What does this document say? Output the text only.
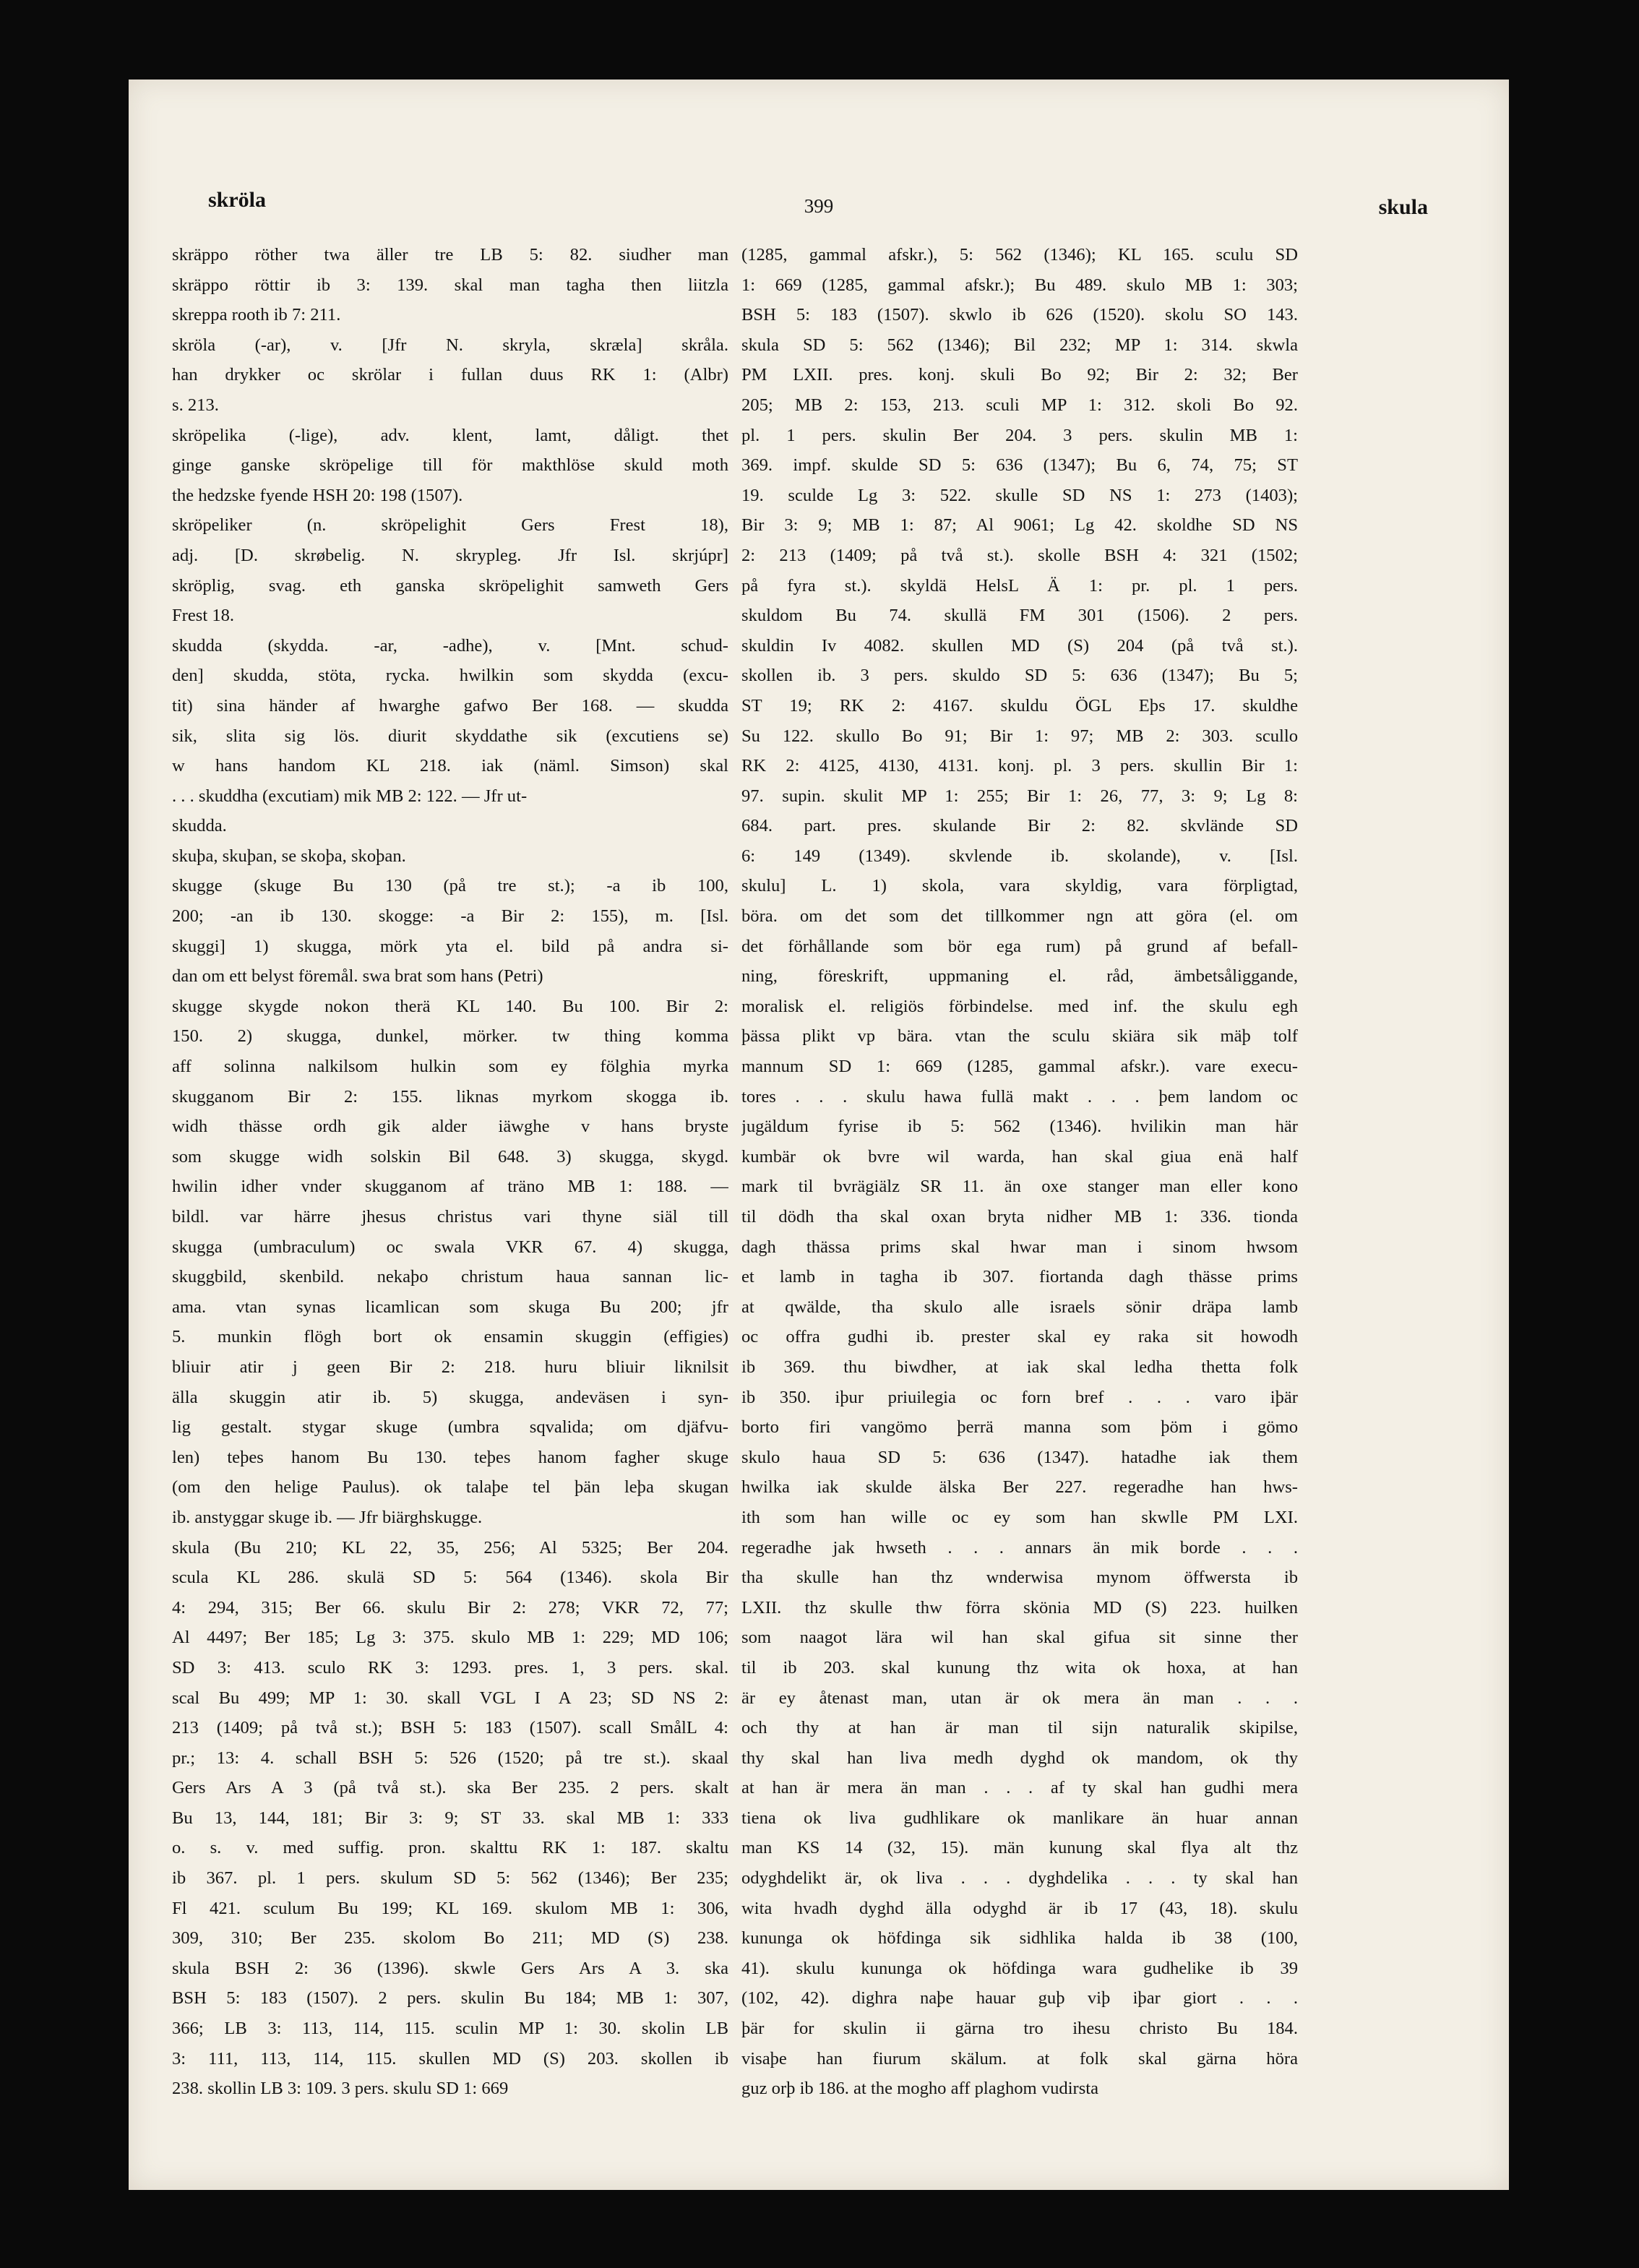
skröla	399	skula
skräppo röther twa äller tre LB 5: 82. siudher man
skräppo röttir ib 3: 139. skal man tagha then liitzla
skreppa rooth ib 7: 211.
skröla (-ar), v. [Jfr N. skryla, skræla] skråla.
han drykker oc skrölar i fullan duus RK 1: (Albr)
s. 213.
skröpelika (-lige), adv. klent, lamt, dåligt. thet
ginge ganske skröpelige till för makthlöse skuld moth
the hedzske fyende HSH 20: 198 (1507).
skröpeliker (n. skröpelighit Gers Frest 18),
adj. [D. skrøbelig. N. skrypleg. Jfr Isl. skrjúpr]
skröplig, svag. eth ganska skröpelighit samweth Gers
Frest 18.
skudda (skydda. -ar, -adhe), v. [Mnt. schud-
den] skudda, stöta, rycka. hwilkin som skydda (excu-
tit) sina händer af hwarghe gafwo Ber 168. — skudda
sik, slita sig lös. diurit skyddathe sik (excutiens se)
w hans handom KL 218. iak (näml. Simson) skal
. . . skuddha (excutiam) mik MB 2: 122. — Jfr ut-
skudda.
skuþa, skuþan, se skoþa, skoþan.
skugge (skuge Bu 130 (på tre st.); -a ib 100,
200; -an ib 130. skogge: -a Bir 2: 155), m. [Isl.
skuggi] 1) skugga, mörk yta el. bild på andra si-
dan om ett belyst föremål. swa brat som hans (Petri)
skugge skygde nokon therä KL 140. Bu 100. Bir 2:
150. 2) skugga, dunkel, mörker. tw thing komma
aff solinna nalkilsom hulkin som ey fölghia myrka
skugganom Bir 2: 155. liknas myrkom skogga ib.
widh thässe ordh gik alder iäwghe v hans bryste
som skugge widh solskin Bil 648. 3) skugga, skygd.
hwilin idher vnder skugganom af träno MB 1: 188. —
bildl. var härre jhesus christus vari thyne siäl till
skugga (umbraculum) oc swala VKR 67. 4) skugga,
skuggbild, skenbild. nekaþo christum haua sannan lic-
ama. vtan synas licamlican som skuga Bu 200; jfr
5. munkin flögh bort ok ensamin skuggin (effigies)
bliuir atir j geen Bir 2: 218. huru bliuir liknilsit
älla skuggin atir ib. 5) skugga, andeväsen i syn-
lig gestalt. stygar skuge (umbra sqvalida; om djäfvu-
len) teþes hanom Bu 130. teþes hanom fagher skuge
(om den helige Paulus). ok talaþe tel þän leþa skugan
ib. anstyggar skuge ib. — Jfr biärghskugge.
skula (Bu 210; KL 22, 35, 256; Al 5325; Ber 204.
scula KL 286. skulä SD 5: 564 (1346). skola Bir
4: 294, 315; Ber 66. skulu Bir 2: 278; VKR 72, 77;
Al 4497; Ber 185; Lg 3: 375. skulo MB 1: 229; MD 106;
SD 3: 413. sculo RK 3: 1293. pres. 1, 3 pers. skal.
scal Bu 499; MP 1: 30. skall VGL I A 23; SD NS 2:
213 (1409; på två st.); BSH 5: 183 (1507). scall SmålL 4:
pr.; 13: 4. schall BSH 5: 526 (1520; på tre st.). skaal
Gers Ars A 3 (på två st.). ska Ber 235. 2 pers. skalt
Bu 13, 144, 181; Bir 3: 9; ST 33. skal MB 1: 333
o. s. v. med suffig. pron. skalttu RK 1: 187. skaltu
ib 367. pl. 1 pers. skulum SD 5: 562 (1346); Ber 235;
Fl 421. sculum Bu 199; KL 169. skulom MB 1: 306,
309, 310; Ber 235. skolom Bo 211; MD (S) 238.
skula BSH 2: 36 (1396). skwle Gers Ars A 3. ska
BSH 5: 183 (1507). 2 pers. skulin Bu 184; MB 1: 307,
366; LB 3: 113, 114, 115. sculin MP 1: 30. skolin LB
3: 111, 113, 114, 115. skullen MD (S) 203. skollen ib
238. skollin LB 3: 109. 3 pers. skulu SD 1: 669
(1285, gammal afskr.), 5: 562 (1346); KL 165. sculu SD
1: 669 (1285, gammal afskr.); Bu 489. skulo MB 1: 303;
BSH 5: 183 (1507). skwlo ib 626 (1520). skolu SO 143.
skula SD 5: 562 (1346); Bil 232; MP 1: 314. skwla
PM LXII. pres. konj. skuli Bo 92; Bir 2: 32; Ber
205; MB 2: 153, 213. sculi MP 1: 312. skoli Bo 92.
pl. 1 pers. skulin Ber 204. 3 pers. skulin MB 1:
369. impf. skulde SD 5: 636 (1347); Bu 6, 74, 75; ST
19. sculde Lg 3: 522. skulle SD NS 1: 273 (1403);
Bir 3: 9; MB 1: 87; Al 9061; Lg 42. skoldhe SD NS
2: 213 (1409; på två st.). skolle BSH 4: 321 (1502;
på fyra st.). skyldä HelsL Ä 1: pr. pl. 1 pers.
skuldom Bu 74. skullä FM 301 (1506). 2 pers.
skuldin Iv 4082. skullen MD (S) 204 (på två st.).
skollen ib. 3 pers. skuldo SD 5: 636 (1347); Bu 5;
ST 19; RK 2: 4167. skuldu ÖGL Eþs 17. skuldhe
Su 122. skullo Bo 91; Bir 1: 97; MB 2: 303. scullo
RK 2: 4125, 4130, 4131. konj. pl. 3 pers. skullin Bir 1:
97. supin. skulit MP 1: 255; Bir 1: 26, 77, 3: 9; Lg 8:
684. part. pres. skulande Bir 2: 82. skvlände SD
6: 149 (1349). skvlende ib. skolande), v. [Isl.
skulu] L. 1) skola, vara skyldig, vara förpligtad,
böra. om det som det tillkommer ngn att göra (el. om
det förhållande som bör ega rum) på grund af befall-
ning, föreskrift, uppmaning el. råd, ämbetsåliggande,
moralisk el. religiös förbindelse. med inf. the skulu egh
þässa plikt vp bära. vtan the sculu skiära sik mäþ tolf
mannum SD 1: 669 (1285, gammal afskr.). vare execu-
tores . . . skulu hawa fullä makt . . . þem landom oc
jugäldum fyrise ib 5: 562 (1346). hvilikin man här
kumbär ok bvre wil warda, han skal giua enä half
mark til bvrägiälz SR 11. än oxe stanger man eller kono
til dödh tha skal oxan bryta nidher MB 1: 336. tionda
dagh thässa prims skal hwar man i sinom hwsom
et lamb in tagha ib 307. fiortanda dagh thässe prims
at qwälde, tha skulo alle israels sönir dräpa lamb
oc offra gudhi ib. prester skal ey raka sit howodh
ib 369. thu biwdher, at iak skal ledha thetta folk
ib 350. iþur priuilegia oc forn bref . . . varo iþär
borto firi vangömo þerrä manna som þöm i gömo
skulo haua SD 5: 636 (1347). hatadhe iak them
hwilka iak skulde älska Ber 227. regeradhe han hws-
ith som han wille oc ey som han skwlle PM LXI.
regeradhe jak hwseth . . . annars än mik borde . . .
tha skulle han thz wnderwisa mynom öffwersta ib
LXII. thz skulle thw förra skönia MD (S) 223. huilken
som naagot lära wil han skal gifua sit sinne ther
til ib 203. skal kunung thz wita ok hoxa, at han
är ey åtenast man, utan är ok mera än man . . .
och thy at han är man til sijn naturalik skipilse,
thy skal han liva medh dyghd ok mandom, ok thy
at han är mera än man . . . af ty skal han gudhi mera
tiena ok liva gudhlikare ok manlikare än huar annan
man KS 14 (32, 15). män kunung skal flya alt thz
odyghdelikt är, ok liva . . . dyghdelika . . . ty skal han
wita hvadh dyghd älla odyghd är ib 17 (43, 18). skulu
kununga ok höfdinga sik sidhlika halda ib 38 (100,
41). skulu kununga ok höfdinga wara gudhelike ib 39
(102, 42). dighra naþe hauar guþ viþ iþar giort . . .
þär for skulin ii gärna tro ihesu christo Bu 184.
visaþe han fiurum skälum. at folk skal gärna höra
guz orþ ib 186. at the mogho aff plaghom vudirsta
